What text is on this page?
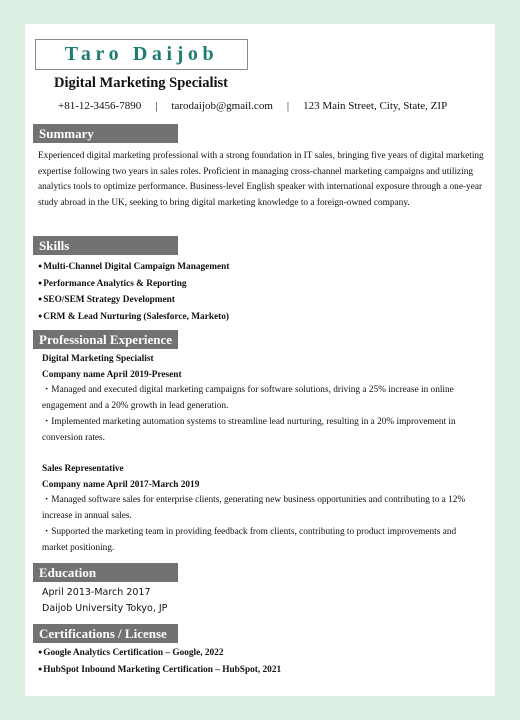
Taro Daijob
Digital Marketing Specialist
+81-12-3456-7890 | tarodaijob@gmail.com | 123 Main Street, City, State, ZIP
Summary
Experienced digital marketing professional with a strong foundation in IT sales, bringing five years of digital marketing expertise following two years in sales roles. Proficient in managing cross-channel marketing campaigns and utilizing analytics tools to optimize performance. Business-level English speaker with international exposure through a one-year study abroad in the UK, seeking to bring digital marketing knowledge to a foreign-owned company.
Skills
●Multi-Channel Digital Campaign Management
●Performance Analytics & Reporting
●SEO/SEM Strategy Development
●CRM & Lead Nurturing (Salesforce, Marketo)
Professional Experience
Digital Marketing Specialist
Company name April 2019-Present
・Managed and executed digital marketing campaigns for software solutions, driving a 25% increase in online engagement and a 20% growth in lead generation.
・Implemented marketing automation systems to streamline lead nurturing, resulting in a 20% improvement in conversion rates.
Sales Representative
Company name April 2017-March 2019
・Managed software sales for enterprise clients, generating new business opportunities and contributing to a 12% increase in annual sales.
・Supported the marketing team in providing feedback from clients, contributing to product improvements and market positioning.
Education
April 2013-March 2017
Daijob University Tokyo, JP
Certifications / License
●Google Analytics Certification – Google, 2022
●HubSpot Inbound Marketing Certification – HubSpot, 2021
